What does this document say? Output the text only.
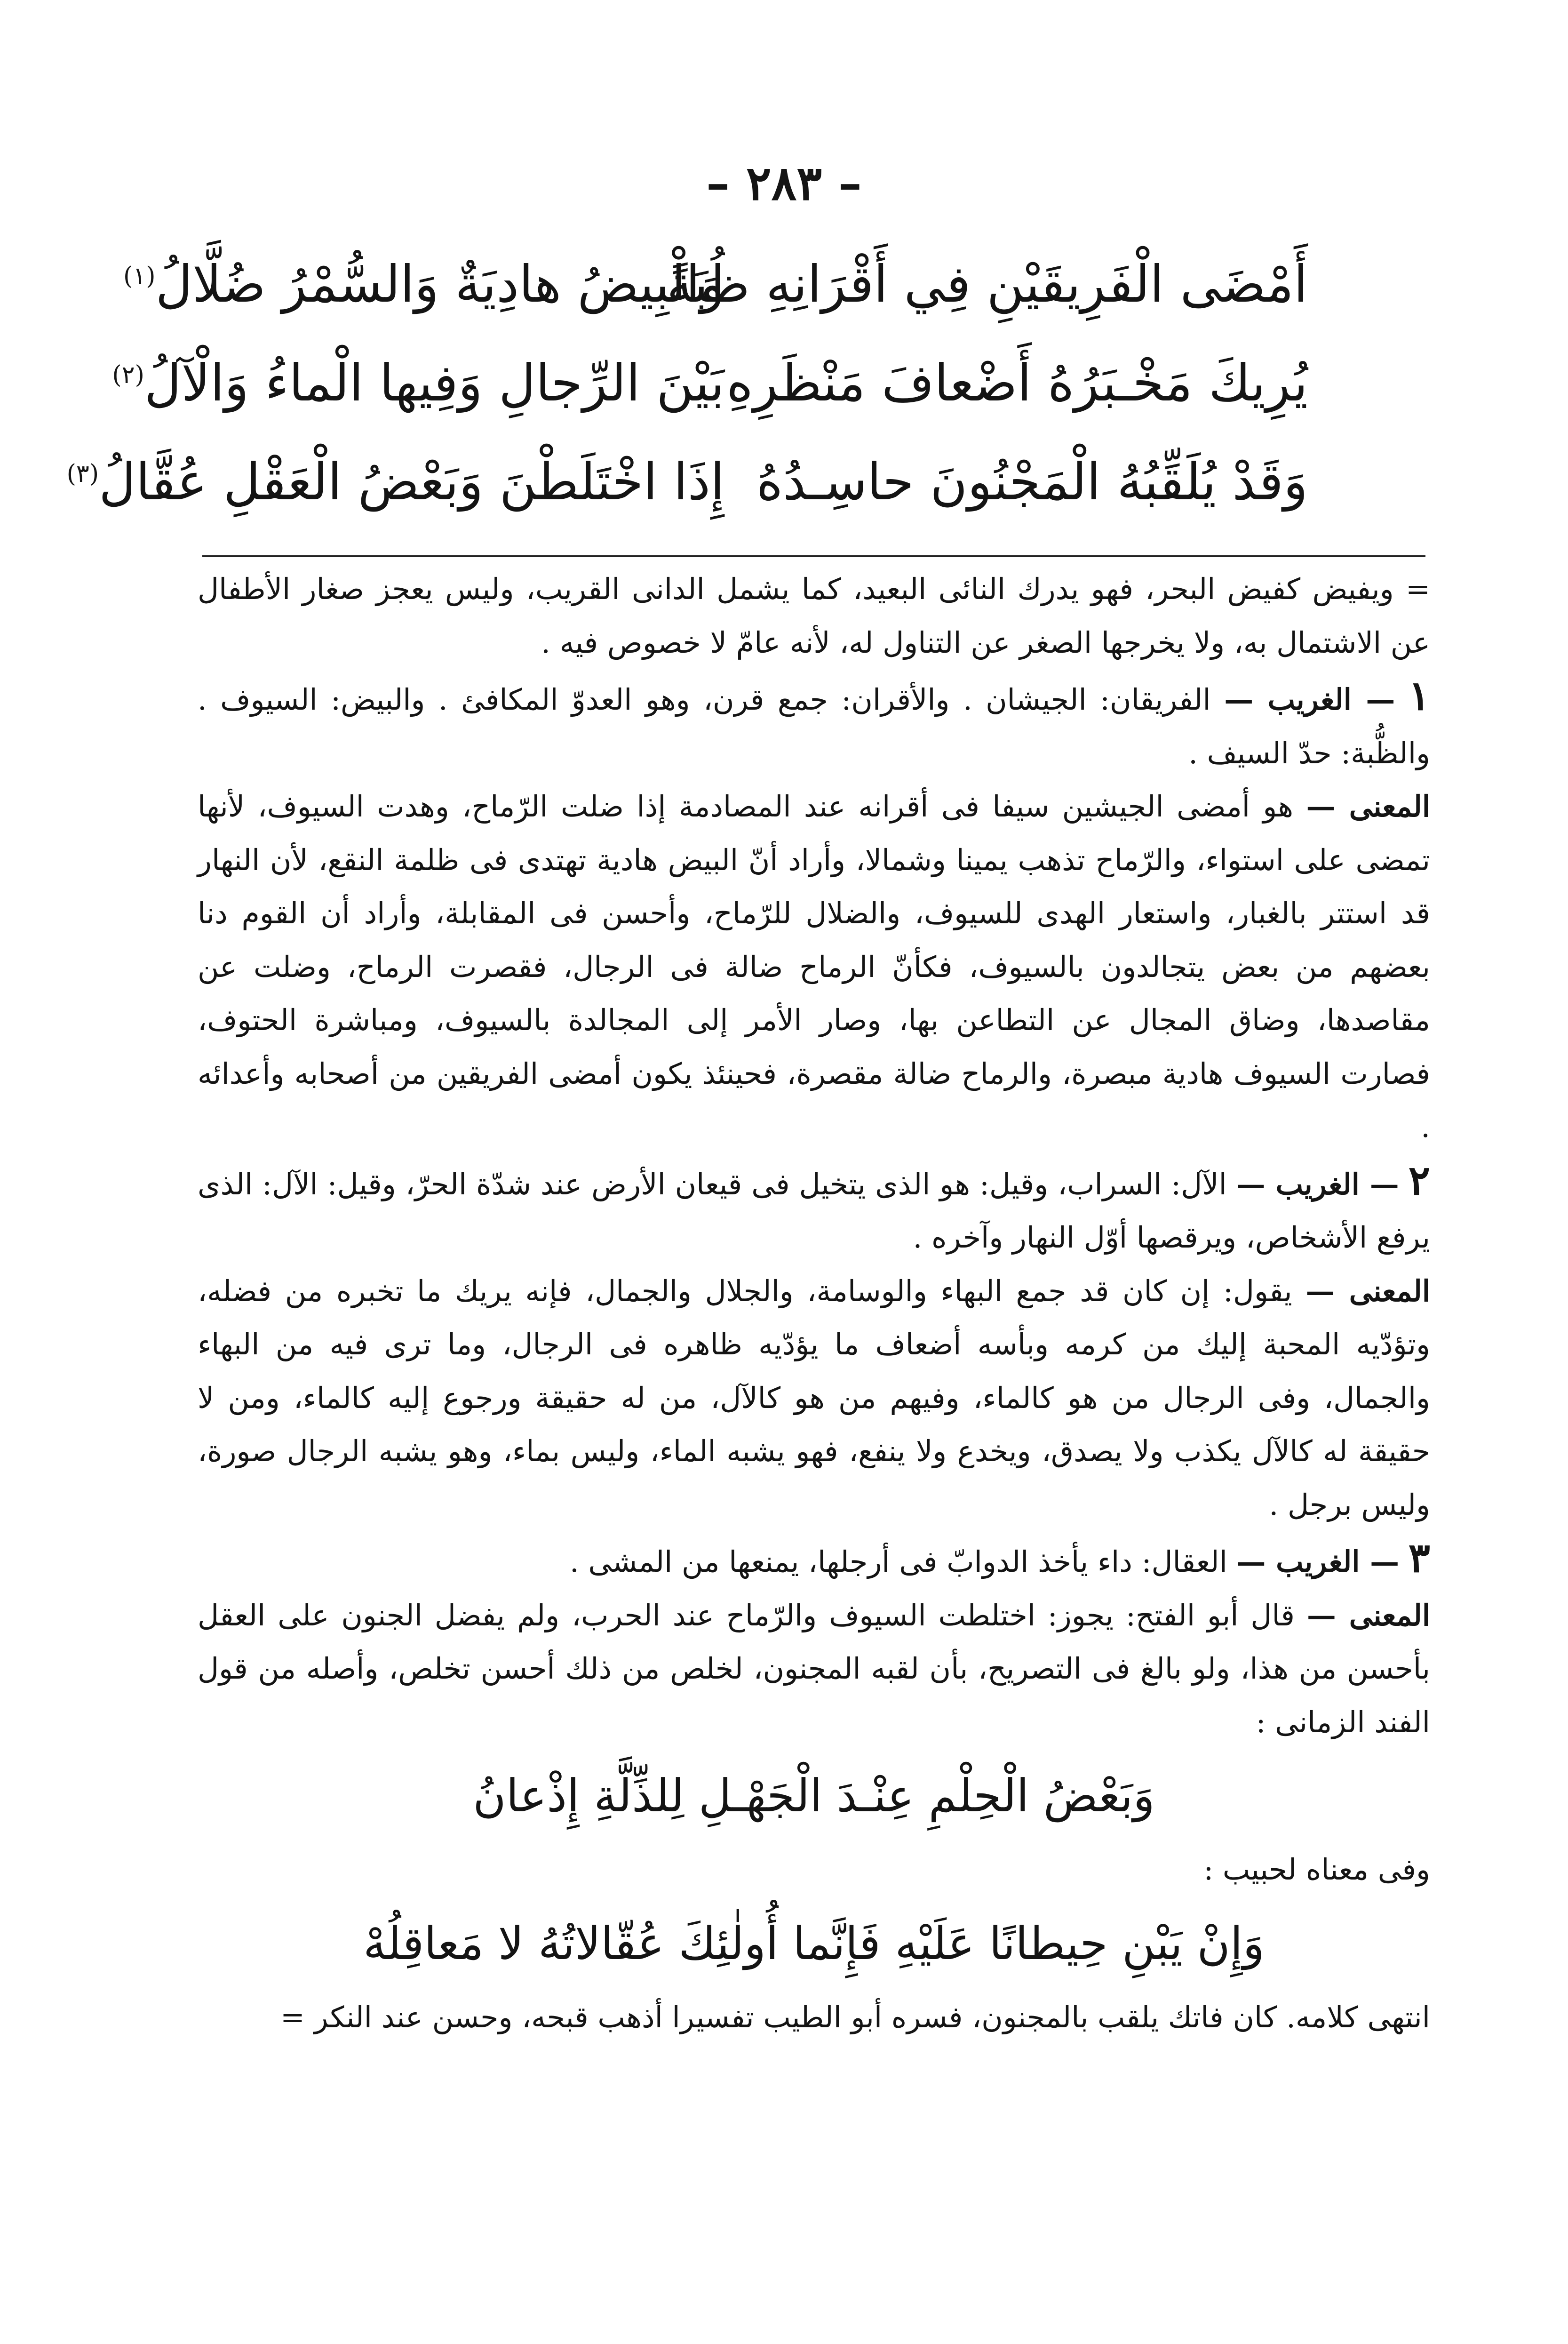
– ٢٨٣ –
أَمْضَى الْفَرِيقَيْنِ فِي أَقْرَانِهِ ظُبَةً
وَالْبِيضُ هادِيَةٌ وَالسُّمْرُ ضُلَّالُ$^{(١)}$
يُرِيكَ مَخْـبَرُهُ أَضْعافَ مَنْظَرِهِ
بَيْنَ الرِّجالِ وَفِيها الْماءُ وَالْآلُ$^{(٢)}$
وَقَدْ يُلَقِّبُهُ الْمَجْنُونَ حاسِـدُهُ
إِذَا اخْتَلَطْنَ وَبَعْضُ الْعَقْلِ عُقَّالُ$^{(٣)}$

= ويفيض كفيض البحر، فهو يدرك النائى البعيد، كما يشمل الدانى القريب، وليس يعجز صغار الأطفال عن الاشتمال به، ولا يخرجها الصغر عن التناول له، لأنه عامّ لا خصوص فيه .

١ — الغريب — الفريقان: الجيشان . والأقران: جمع قرن، وهو العدوّ المكافئ . والبيض: السيوف . والظُّبة: حدّ السيف .

المعنى — هو أمضى الجيشين سيفا فى أقرانه عند المصادمة إذا ضلت الرّماح، وهدت السيوف، لأنها تمضى على استواء، والرّماح تذهب يمينا وشمالا، وأراد أنّ البيض هادية تهتدى فى ظلمة النقع، لأن النهار قد استتر بالغبار، واستعار الهدى للسيوف، والضلال للرّماح، وأحسن فى المقابلة، وأراد أن القوم دنا بعضهم من بعض يتجالدون بالسيوف، فكأنّ الرماح ضالة فى الرجال، فقصرت الرماح، وضلت عن مقاصدها، وضاق المجال عن التطاعن بها، وصار الأمر إلى المجالدة بالسيوف، ومباشرة الحتوف، فصارت السيوف هادية مبصرة، والرماح ضالة مقصرة، فحينئذ يكون أمضى الفريقين من أصحابه وأعدائه .

٢ — الغريب — الآل: السراب، وقيل: هو الذى يتخيل فى قيعان الأرض عند شدّة الحرّ، وقيل: الآل: الذى يرفع الأشخاص، ويرقصها أوّل النهار وآخره .

المعنى — يقول: إن كان قد جمع البهاء والوسامة، والجلال والجمال، فإنه يريك ما تخبره من فضله، وتؤدّيه المحبة إليك من كرمه وبأسه أضعاف ما يؤدّيه ظاهره فى الرجال، وما ترى فيه من البهاء والجمال، وفى الرجال من هو كالماء، وفيهم من هو كالآل، من له حقيقة ورجوع إليه كالماء، ومن لا حقيقة له كالآل يكذب ولا يصدق، ويخدع ولا ينفع، فهو يشبه الماء، وليس بماء، وهو يشبه الرجال صورة، وليس برجل .

٣ — الغريب — العقال: داء يأخذ الدوابّ فى أرجلها، يمنعها من المشى .

المعنى — قال أبو الفتح: يجوز: اختلطت السيوف والرّماح عند الحرب، ولم يفضل الجنون على العقل بأحسن من هذا، ولو بالغ فى التصريح، بأن لقبه المجنون، لخلص من ذلك أحسن تخلص، وأصله من قول الفند الزمانى :

وَبَعْضُ الْحِلْمِ عِنْـدَ الْجَهْـلِ لِلذِّلَّةِ إِذْعانُ

وفى معناه لحبيب :

وَإِنْ يَبْنِ حِيطانًا عَلَيْهِ فَإِنَّما أُولٰئِكَ عُقّالاتُهُ لا مَعاقِلُهْ

انتهى كلامه. كان فاتك يلقب بالمجنون، فسره أبو الطيب تفسيرا أذهب قبحه، وحسن عند النكر =
